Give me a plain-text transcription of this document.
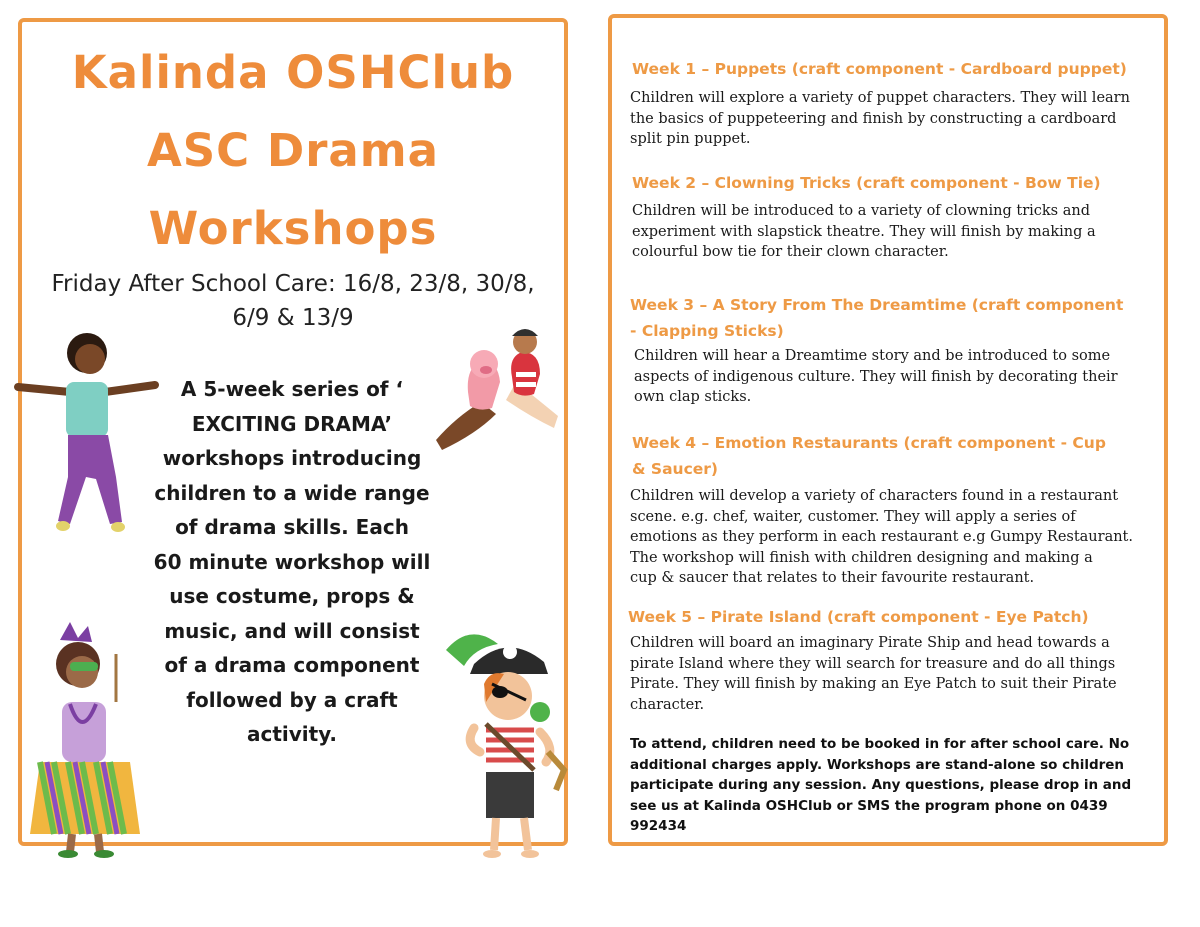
Kalinda OSHClub
ASC Drama
Workshops
Friday After School Care: 16/8, 23/8, 30/8,
6/9 & 13/9

A 5-week series of ‘
EXCITING DRAMA’
workshops introducing
children to a wide range
of drama skills. Each
60 minute workshop will
use costume, props &
music, and will consist
of a drama component
followed by a craft
activity.

Week 1 – Puppets (craft component - Cardboard puppet)

Children will explore a variety of puppet characters. They will learn
the basics of puppeteering and finish by constructing a cardboard
split pin puppet.

Week 2 – Clowning Tricks (craft component - Bow Tie)

Children will be introduced to a variety of clowning tricks and
experiment with slapstick theatre. They will finish by making a
colourful bow tie for their clown character.

Week 3 – A Story From The Dreamtime (craft component
- Clapping Sticks)

Children will hear a Dreamtime story and be introduced to some
aspects of indigenous culture. They will finish by decorating their
own clap sticks.

Week 4 – Emotion Restaurants (craft component - Cup
& Saucer)

Children will develop a variety of characters found in a restaurant
scene. e.g. chef, waiter, customer. They will apply a series of
emotions as they perform in each restaurant e.g Gumpy Restaurant.
The workshop will finish with children designing and making a
cup & saucer that relates to their favourite restaurant.

Week 5 – Pirate Island (craft component - Eye Patch)

Children will board an imaginary Pirate Ship and head towards a
pirate Island where they will search for treasure and do all things
Pirate. They will finish by making an Eye Patch to suit their Pirate
character.

To attend, children need to be booked in for after school care. No
additional charges apply. Workshops are stand-alone so children
participate during any session. Any questions, please drop in and
see us at Kalinda OSHClub or SMS the program phone on 0439
992434
